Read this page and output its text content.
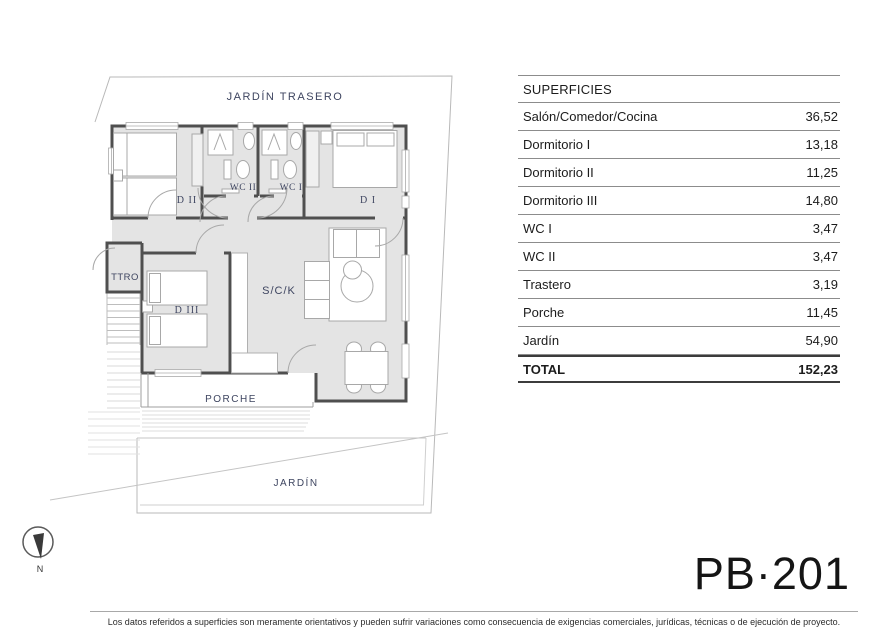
JARDÍN TRASERO
D II
WC II WC I
D I
TTRO
D III
S/C/K
PORCHE
JARDÍN
N
SUPERFICIES
Salón/Comedor/Cocina	36,52
Dormitorio I	13,18
Dormitorio II	11,25
Dormitorio III	14,80
WC I	3,47
WC II	3,47
Trastero	3,19
Porche	11,45
Jardín	54,90
TOTAL	152,23
PB·201
Los datos referidos a superficies son meramente orientativos y pueden sufrir variaciones como consecuencia de exigencias comerciales, jurídicas, técnicas o de ejecución de proyecto.
